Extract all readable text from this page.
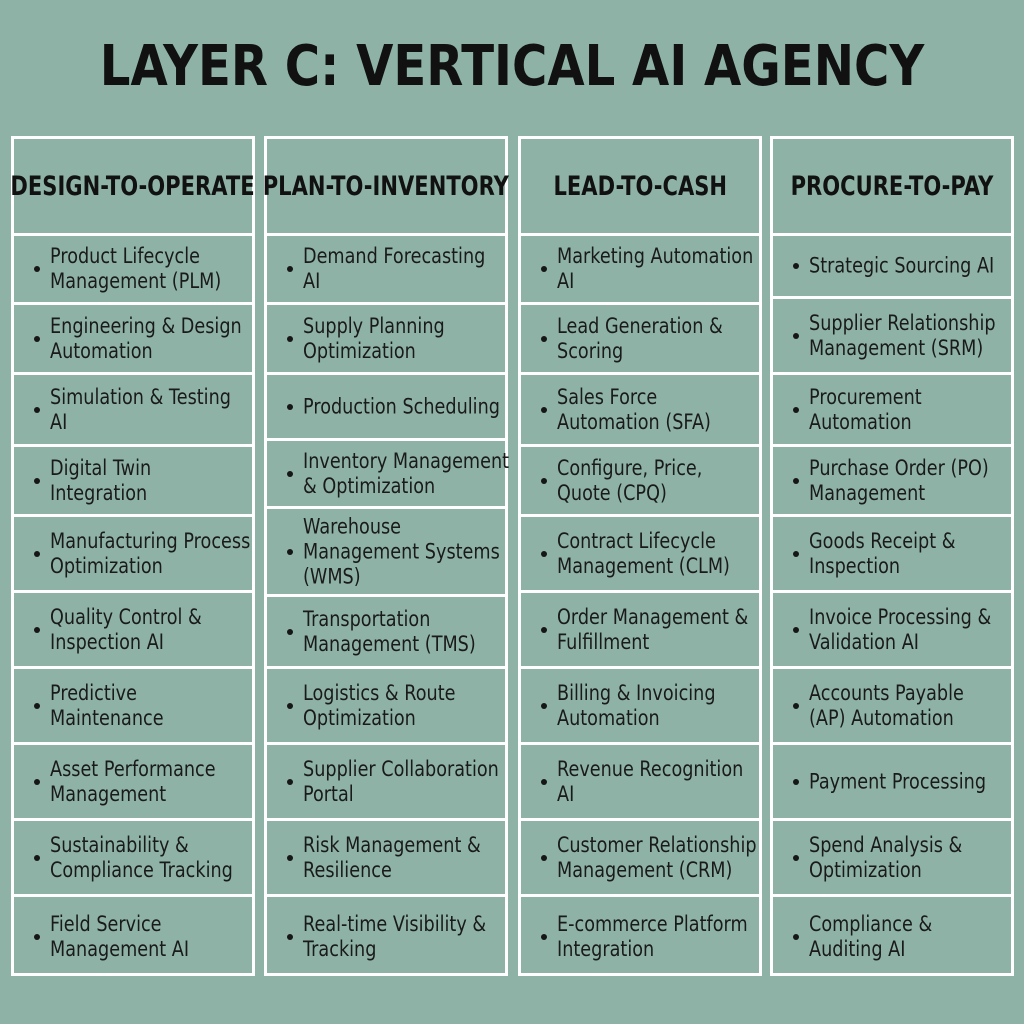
LAYER C: VERTICAL AI AGENCY
DESIGN-TO-OPERATE
Product Lifecycle
Management (PLM)
Engineering & Design
Automation
Simulation & Testing
AI
Digital Twin
Integration
Manufacturing Process
Optimization
Quality Control &
Inspection AI
Predictive
Maintenance
Asset Performance
Management
Sustainability &
Compliance Tracking
Field Service
Management AI
PLAN-TO-INVENTORY
Demand Forecasting
AI
Supply Planning
Optimization
Production Scheduling
Inventory Management
& Optimization
Warehouse
Management Systems
(WMS)
Transportation
Management (TMS)
Logistics & Route
Optimization
Supplier Collaboration
Portal
Risk Management &
Resilience
Real-time Visibility &
Tracking
LEAD-TO-CASH
Marketing Automation
AI
Lead Generation &
Scoring
Sales Force
Automation (SFA)
Configure, Price,
Quote (CPQ)
Contract Lifecycle
Management (CLM)
Order Management &
Fulfillment
Billing & Invoicing
Automation
Revenue Recognition
AI
Customer Relationship
Management (CRM)
E-commerce Platform
Integration
PROCURE-TO-PAY
Strategic Sourcing AI
Supplier Relationship
Management (SRM)
Procurement
Automation
Purchase Order (PO)
Management
Goods Receipt &
Inspection
Invoice Processing &
Validation AI
Accounts Payable
(AP) Automation
Payment Processing
Spend Analysis &
Optimization
Compliance &
Auditing AI
